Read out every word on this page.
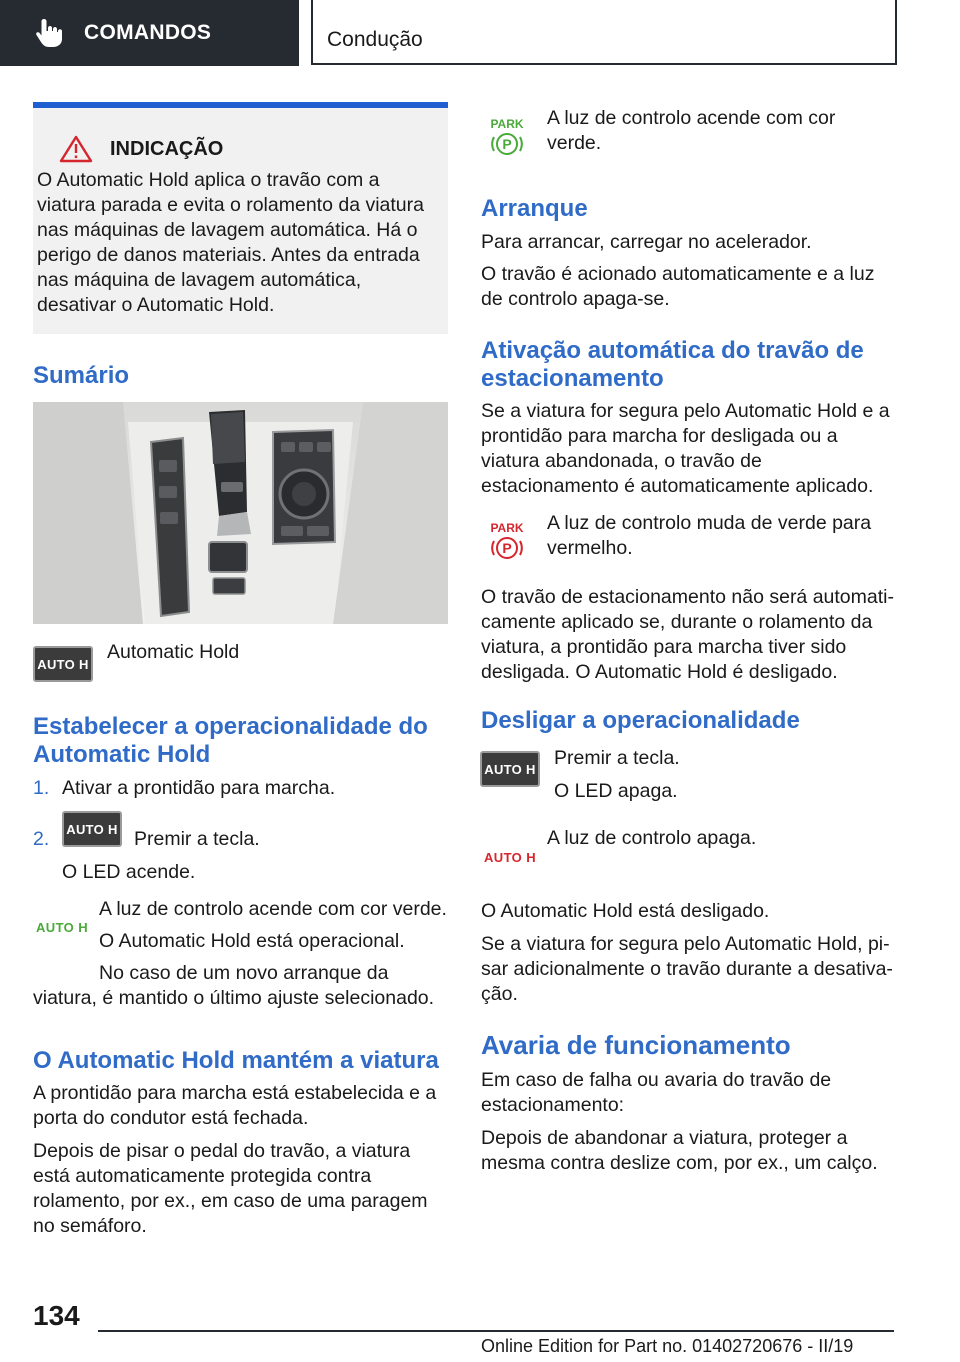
COMANDOS	Condução
INDICAÇÃO

O Automatic Hold aplica o travão com a viatura parada e evita o rolamento da viatura nas máquinas de lavagem automática. Há o perigo de danos materiais. Antes da entrada nas máquina de lavagem automática, desativar o Automatic Hold.

Sumário
AUTO H

Automatic Hold

Estabelecer a operacionalidade do Automatic Hold
1. Ativar a prontidão para marcha.

2.	AUTO H Premir a tecla.

O LED acende.

AUTO H

A luz de controlo acende com cor verde.

O Automatic Hold está operacional.

No caso de um novo arranque da viatura, é mantido o último ajuste selecionado.

O Automatic Hold mantém a viatura

A prontidão para marcha está estabelecida e a porta do condutor está fechada.

Depois de pisar o pedal do travão, a viatura está automaticamente protegida contra rolamento, por ex., em caso de uma paragem no semáforo.

PARK
P

A luz de controlo acende com cor verde.

Arranque

Para arrancar, carregar no acelerador.

O travão é acionado automaticamente e a luz de controlo apaga-se.

Ativação automática do travão de estacionamento

Se a viatura for segura pelo Automatic Hold e a prontidão para marcha for desligada ou a viatura abandonada, o travão de estacionamento é automaticamente aplicado.

PARK
P

A luz de controlo muda de verde para vermelho.

O travão de estacionamento não será automaticamente aplicado se, durante o rolamento da viatura, a prontidão para marcha tiver sido desligada. O Automatic Hold é desligado.

Desligar a operacionalidade
AUTO H Premir a tecla.

O LED apaga.

AUTO H

A luz de controlo apaga.

O Automatic Hold está desligado.

Se a viatura for segura pelo Automatic Hold, pisar adicionalmente o travão durante a desativação.

Avaria de funcionamento

Em caso de falha ou avaria do travão de estacionamento:

Depois de abandonar a viatura, proteger a mesma contra deslize com, por ex., um calço.

134
Online Edition for Part no. 01402720676 - II/19
